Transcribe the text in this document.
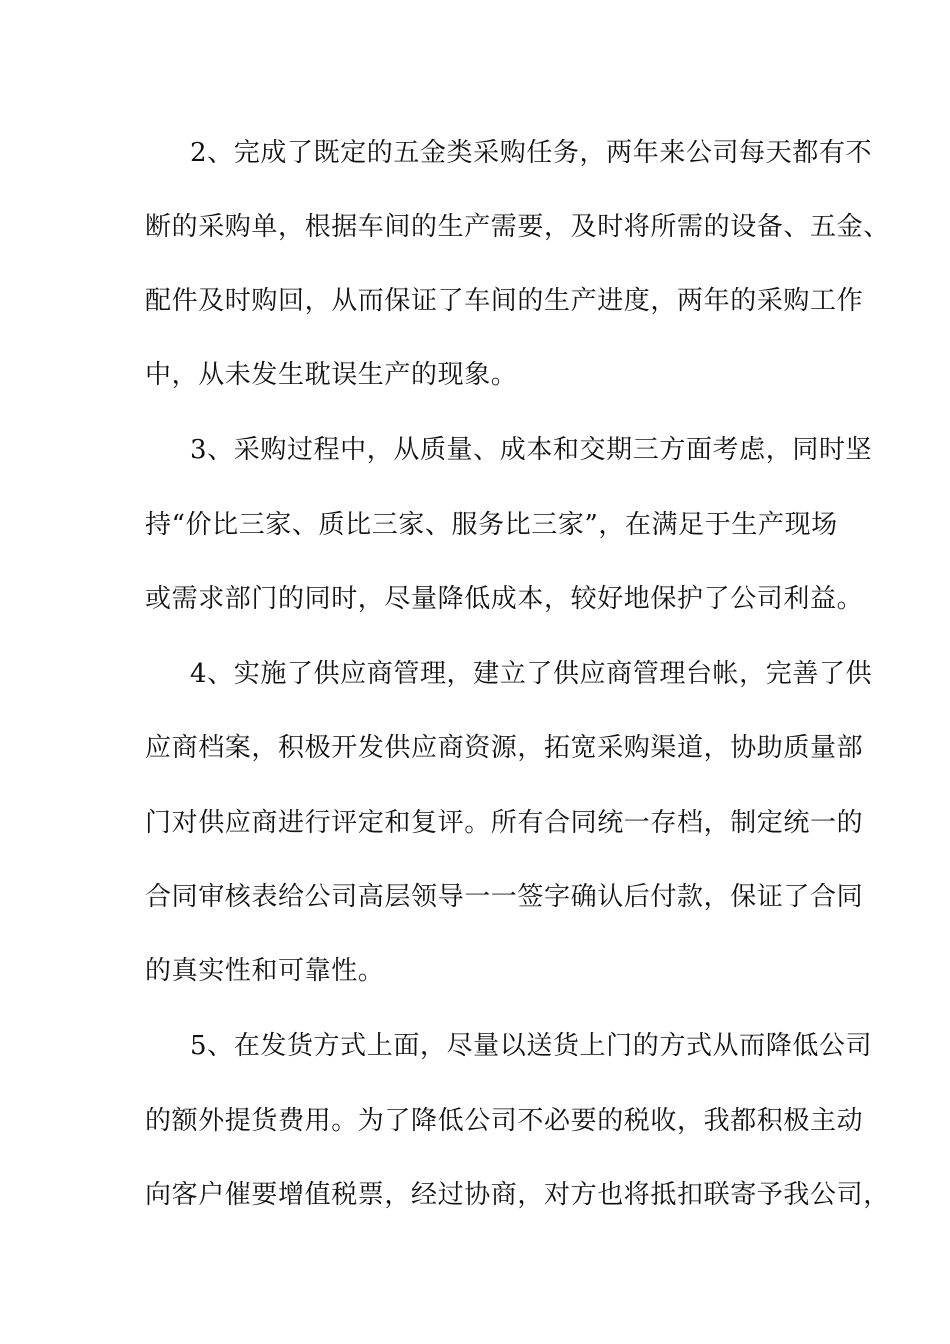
2、完成了既定的五金类采购任务，两年来公司每天都有不
断的采购单，根据车间的生产需要，及时将所需的设备、五金、
配件及时购回，从而保证了车间的生产进度，两年的采购工作
中，从未发生耽误生产的现象。
3、采购过程中，从质量、成本和交期三方面考虑，同时坚
持“价比三家、质比三家、服务比三家”，在满足于生产现场
或需求部门的同时，尽量降低成本，较好地保护了公司利益。
4、实施了供应商管理，建立了供应商管理台帐，完善了供
应商档案，积极开发供应商资源，拓宽采购渠道，协助质量部
门对供应商进行评定和复评。所有合同统一存档，制定统一的
合同审核表给公司高层领导一一签字确认后付款，保证了合同
的真实性和可靠性。
5、在发货方式上面，尽量以送货上门的方式从而降低公司
的额外提货费用。为了降低公司不必要的税收，我都积极主动
向客户催要增值税票，经过协商，对方也将抵扣联寄予我公司，
